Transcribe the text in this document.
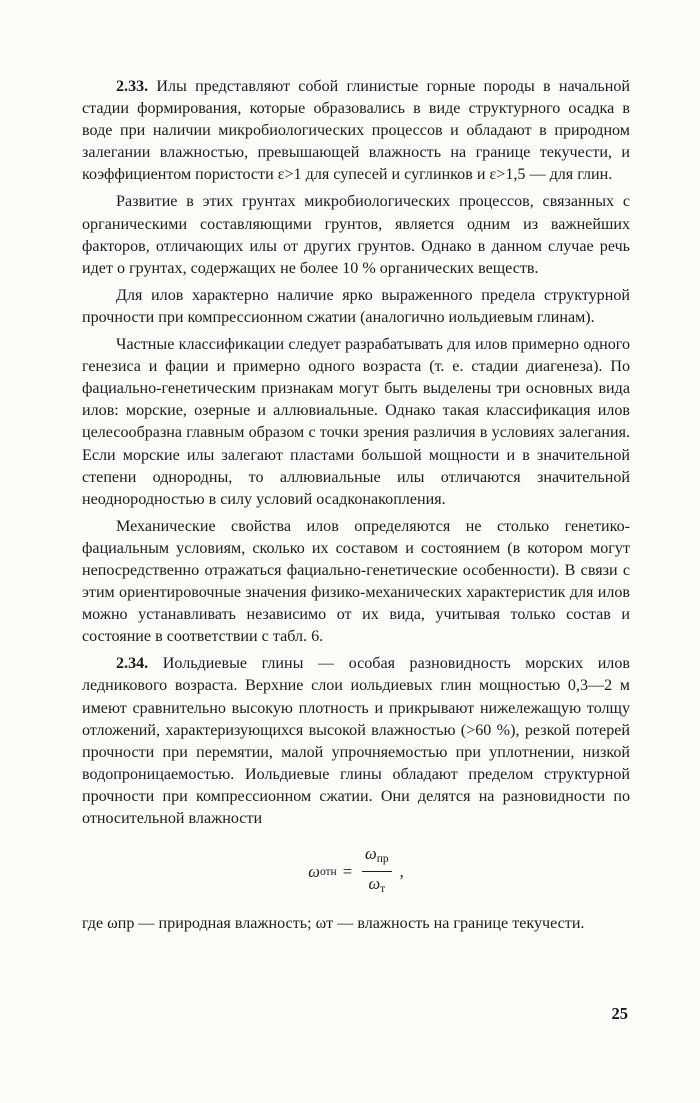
2.33. Илы представляют собой глинистые горные породы в начальной стадии формирования, которые образовались в виде структурного осадка в воде при наличии микробиологических процессов и обладают в природном залегании влажностью, превышающей влажность на границе текучести, и коэффициентом пористости ε>1 для супесей и суглинков и ε>1,5 — для глин.

Развитие в этих грунтах микробиологических процессов, связанных с органическими составляющими грунтов, является одним из важнейших факторов, отличающих илы от других грунтов. Однако в данном случае речь идет о грунтах, содержащих не более 10 % органических веществ.

Для илов характерно наличие ярко выраженного предела структурной прочности при компрессионном сжатии (аналогично иольдиевым глинам).

Частные классификации следует разрабатывать для илов примерно одного генезиса и фации и примерно одного возраста (т. е. стадии диагенеза). По фациально-генетическим признакам могут быть выделены три основных вида илов: морские, озерные и аллювиальные. Однако такая классификация илов целесообразна главным образом с точки зрения различия в условиях залегания. Если морские илы залегают пластами большой мощности и в значительной степени однородны, то аллювиальные илы отличаются значительной неоднородностью в силу условий осадконакопления.

Механические свойства илов определяются не столько генетико-фациальным условиям, сколько их составом и состоянием (в котором могут непосредственно отражаться фациально-генетические особенности). В связи с этим ориентировочные значения физико-механических характеристик для илов можно устанавливать независимо от их вида, учитывая только состав и состояние в соответствии с табл. 6.

2.34. Иольдиевые глины — особая разновидность морских илов ледникового возраста. Верхние слои иольдиевых глин мощностью 0,3—2 м имеют сравнительно высокую плотность и прикрывают нижележащую толщу отложений, характеризующихся высокой влажностью (>60 %), резкой потерей прочности при перемятии, малой упрочняемостью при уплотнении, низкой водопроницаемостью. Иольдиевые глины обладают пределом структурной прочности при компрессионном сжатии. Они делятся на разновидности по относительной влажности

ω отн = $\frac{\omega_{пр}}{\omega_т}$ ,

где ωпр — природная влажность; ωт — влажность на границе текучести.

25
